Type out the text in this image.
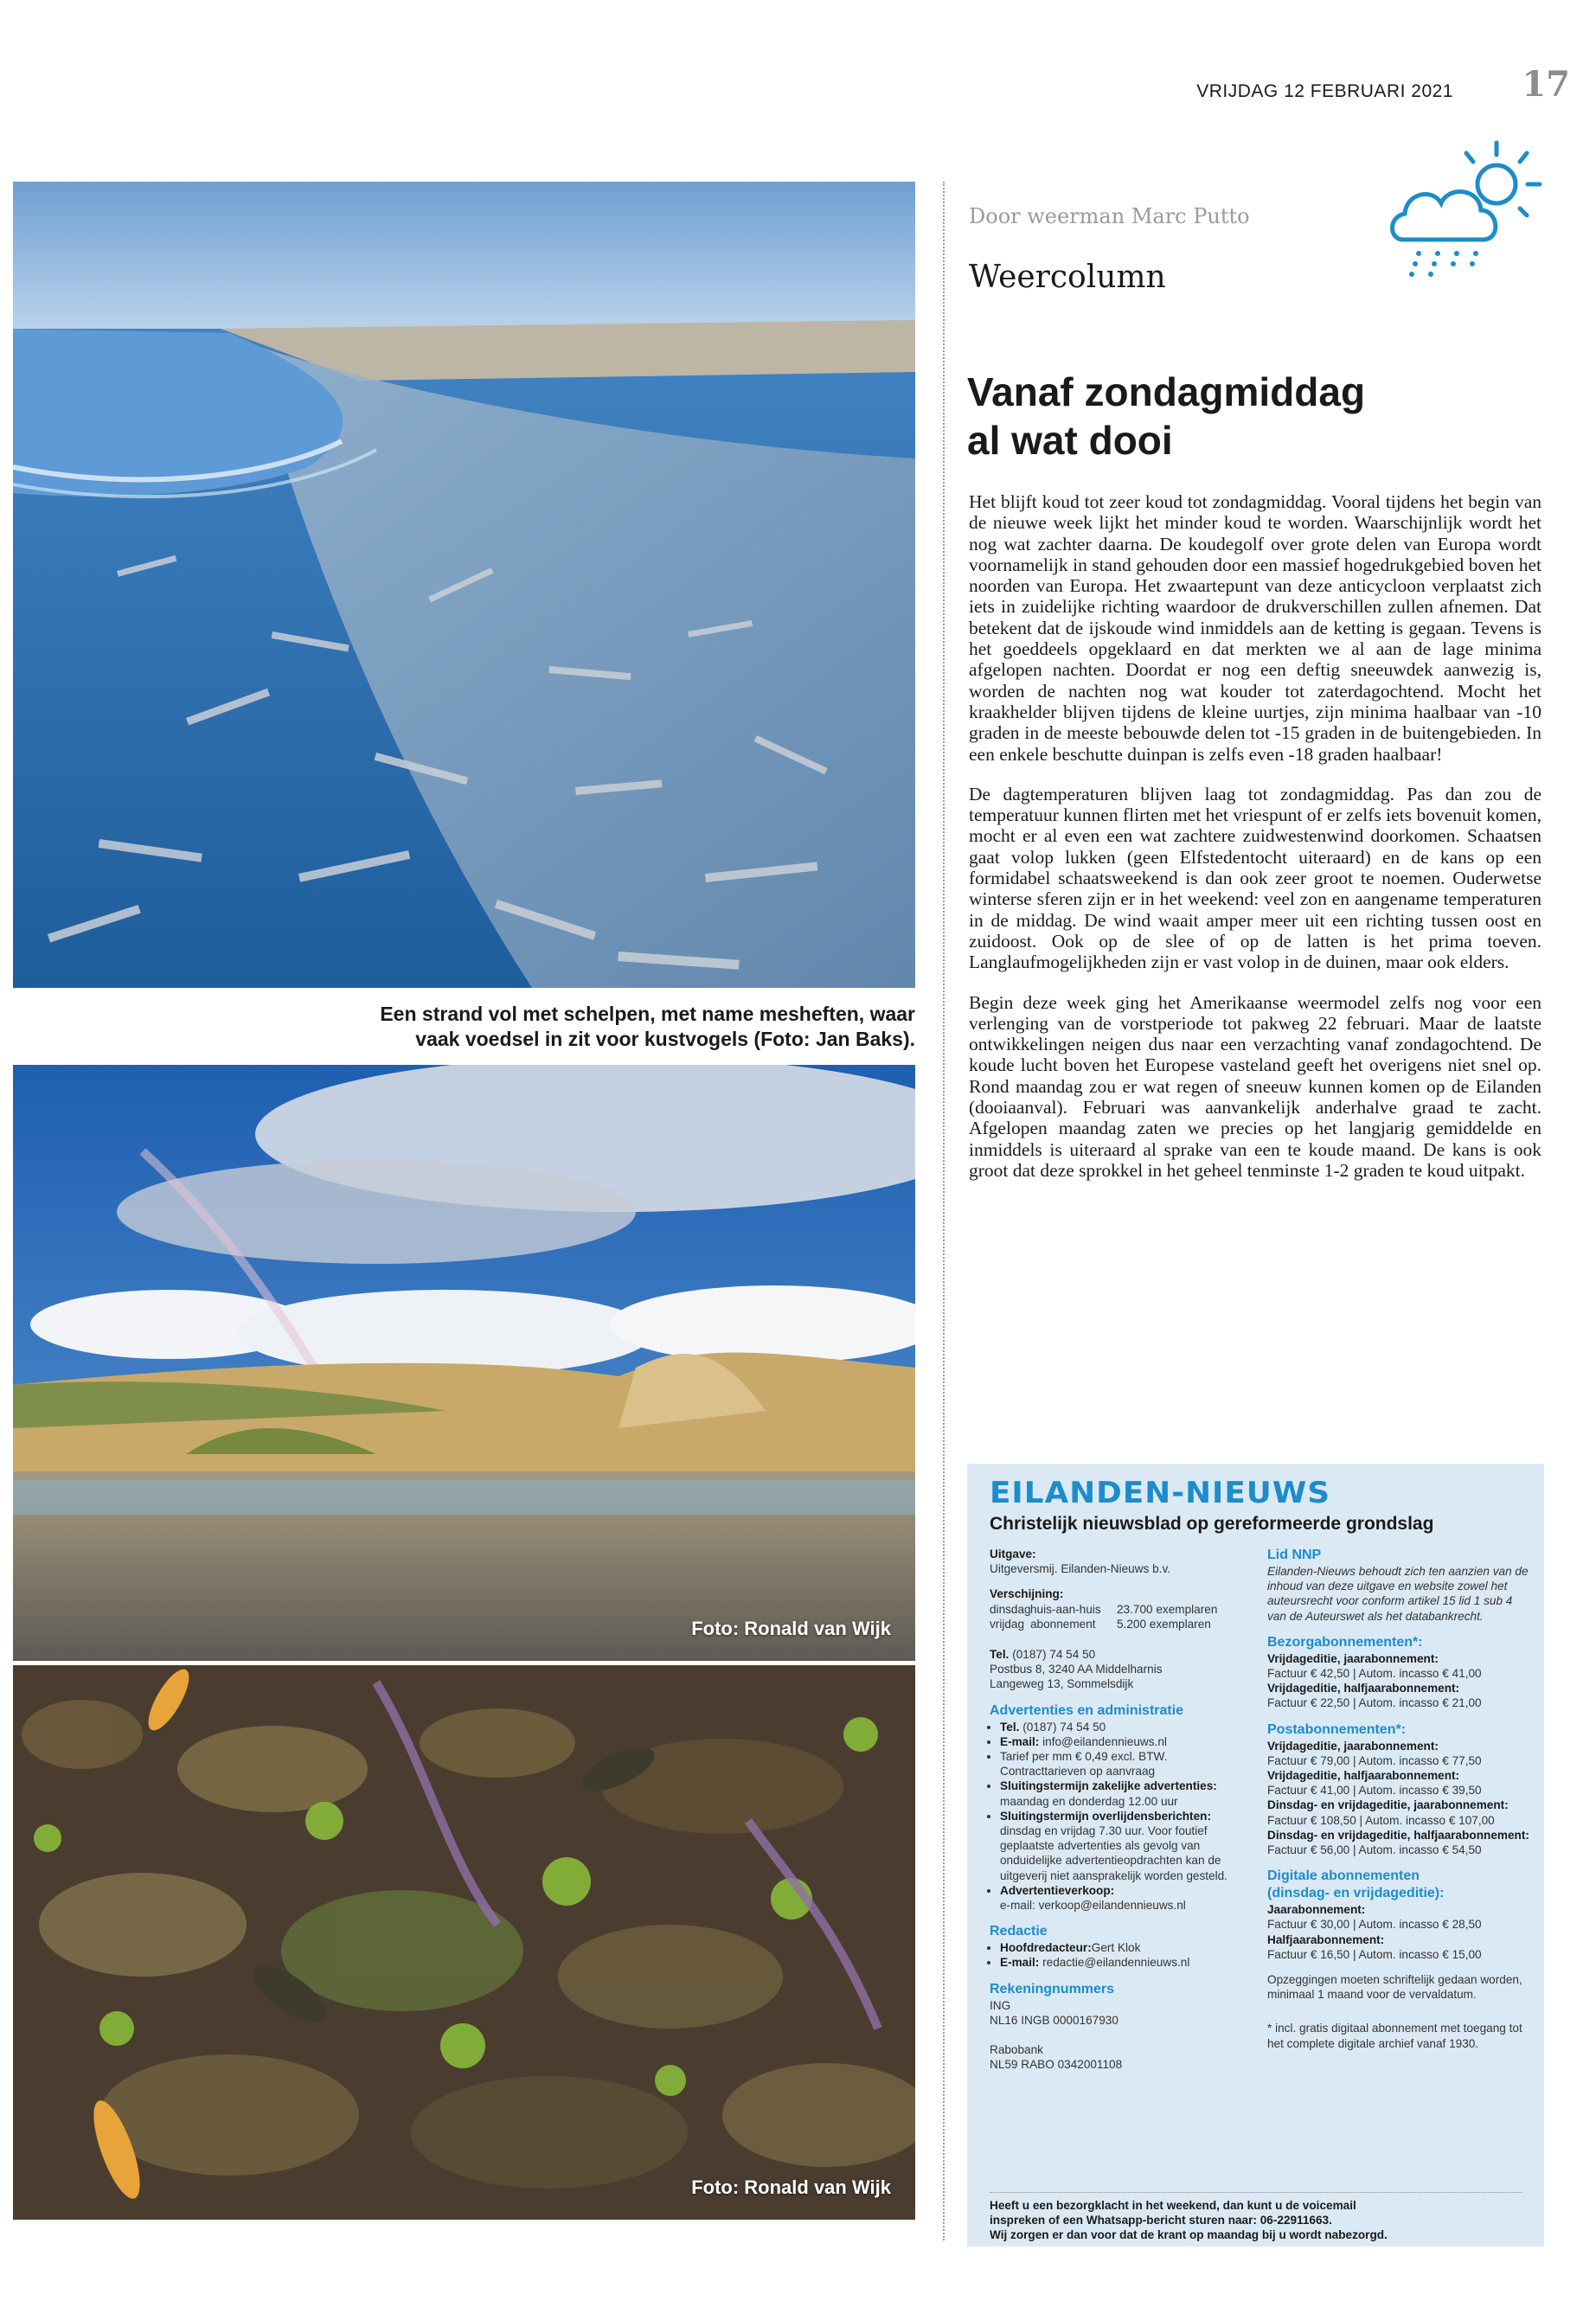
VRIJDAG 12 FEBRUARI 2021	17
Een strand vol met schelpen, met name mesheften, waar
vaak voedsel in zit voor kustvogels (Foto: Jan Baks).
Foto: Ronald van Wijk
Foto: Ronald van Wijk
Door weerman Marc Putto
Weercolumn
Vanaf zondagmiddag
al wat dooi

Het blijft koud tot zeer koud tot zondagmiddag. Vooral tijdens het begin van de nieuwe week lijkt het minder koud te worden. Waarschijnlijk wordt het nog wat zachter daarna. De koudegolf over grote delen van Europa wordt voornamelijk in stand gehouden door een massief hogedrukgebied boven het noorden van Europa. Het zwaartepunt van deze anticycloon verplaatst zich iets in zuidelijke richting waardoor de drukverschillen zullen afnemen. Dat betekent dat de ijskoude wind inmiddels aan de ketting is gegaan. Tevens is het goeddeels opgeklaard en dat merkten we al aan de lage minima afgelopen nachten. Doordat er nog een deftig sneeuwdek aanwezig is, worden de nachten nog wat kouder tot zaterdagochtend. Mocht het kraakhelder blijven tijdens de kleine uurtjes, zijn minima haalbaar van -10 graden in de meeste bebouwde delen tot -15 graden in de buitengebieden. In een enkele beschutte duinpan is zelfs even -18 graden haalbaar!

De dagtemperaturen blijven laag tot zondagmiddag. Pas dan zou de temperatuur kunnen flirten met het vriespunt of er zelfs iets bovenuit komen, mocht er al even een wat zachtere zuidwestenwind doorkomen. Schaatsen gaat volop lukken (geen Elfstedentocht uiteraard) en de kans op een formidabel schaatsweekend is dan ook zeer groot te noemen. Ouderwetse winterse sferen zijn er in het weekend: veel zon en aangename temperaturen in de middag. De wind waait amper meer uit een richting tussen oost en zuidoost. Ook op de slee of op de latten is het prima toeven. Langlaufmogelijkheden zijn er vast volop in de duinen, maar ook elders.

Begin deze week ging het Amerikaanse weermodel zelfs nog voor een verlenging van de vorstperiode tot pakweg 22 februari. Maar de laatste ontwikkelingen neigen dus naar een verzachting vanaf zondagochtend. De koude lucht boven het Europese vasteland geeft het overigens niet snel op. Rond maandag zou er wat regen of sneeuw kunnen komen op de Eilanden (dooiaanval). Februari was aanvankelijk anderhalve graad te zacht. Afgelopen maandag zaten we precies op het langjarig gemiddelde en inmiddels is uiteraard al sprake van een te koude maand. De kans is ook groot dat deze sprokkel in het geheel tenminste 1-2 graden te koud uitpakt.

EILANDEN-NIEUWS
Christelijk nieuwsblad op gereformeerde grondslag
Uitgave:
Uitgeversmij. Eilanden-Nieuws b.v.
Verschijning:
dinsdag huis-aan-huis	23.700 exemplaren
vrijdag abonnement	5.200 exemplaren
Tel. (0187) 74 54 50
Postbus 8, 3240 AA Middelharnis
Langeweg 13, Sommelsdijk
Advertenties en administratie
• Tel. (0187) 74 54 50
• E-mail: info@eilandennieuws.nl
• Tarief per mm € 0,49 excl. BTW.
Contracttarieven op aanvraag
• Sluitingstermijn zakelijke advertenties:
maandag en donderdag 12.00 uur
• Sluitingstermijn overlijdensberichten:
dinsdag en vrijdag 7.30 uur. Voor foutief
geplaatste advertenties als gevolg van
onduidelijke advertentieopdrachten kan de
uitgeverij niet aansprakelijk worden gesteld.
• Advertentieverkoop:
e-mail: verkoop@eilandennieuws.nl
Redactie
• Hoofdredacteur:Gert Klok
• E-mail: redactie@eilandennieuws.nl
Rekeningnummers
ING
NL16 INGB 0000167930

Rabobank
NL59 RABO 0342001108
Lid NNP
Eilanden-Nieuws behoudt zich ten aanzien van de inhoud van deze uitgave en website zowel het auteursrecht voor conform artikel 15 lid 1 sub 4 van de Auteurswet als het databankrecht.
Bezorgabonnementen*:
Vrijdageditie, jaarabonnement:
Factuur € 42,50 | Autom. incasso € 41,00
Vrijdageditie, halfjaarabonnement:
Factuur € 22,50 | Autom. incasso € 21,00
Postabonnementen*:
Vrijdageditie, jaarabonnement:
Factuur € 79,00 | Autom. incasso € 77,50
Vrijdageditie, halfjaarabonnement:
Factuur € 41,00 | Autom. incasso € 39,50
Dinsdag- en vrijdageditie, jaarabonnement:
Factuur € 108,50 | Autom. incasso € 107,00
Dinsdag- en vrijdageditie, halfjaarabonnement:
Factuur € 56,00 | Autom. incasso € 54,50
Digitale abonnementen
(dinsdag- en vrijdageditie):
Jaarabonnement:
Factuur € 30,00 | Autom. incasso € 28,50
Halfjaarabonnement:
Factuur € 16,50 | Autom. incasso € 15,00
Opzeggingen moeten schriftelijk gedaan worden, minimaal 1 maand voor de vervaldatum.
* incl. gratis digitaal abonnement met toegang tot het complete digitale archief vanaf 1930.
Heeft u een bezorgklacht in het weekend, dan kunt u de voicemail
inspreken of een Whatsapp-bericht sturen naar: 06-22911663.
Wij zorgen er dan voor dat de krant op maandag bij u wordt nabezorgd.
